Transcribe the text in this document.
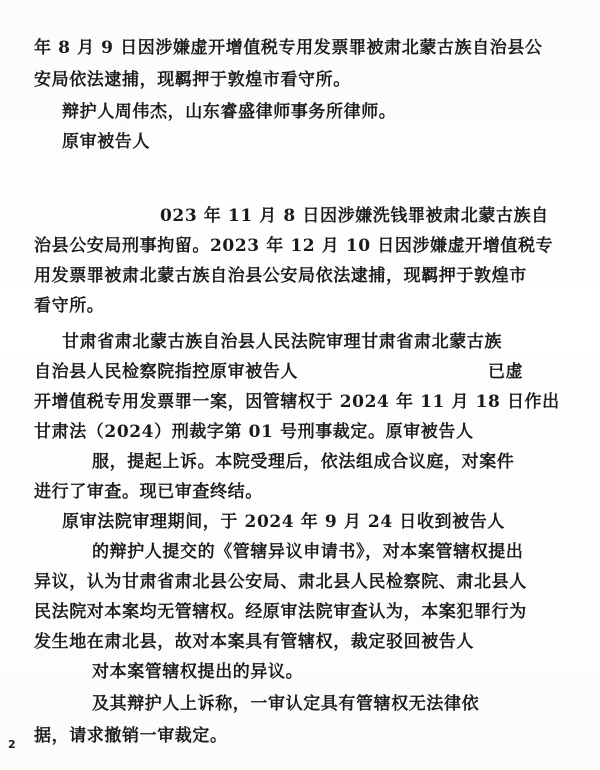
年 8 月 9 日因涉嫌虚开增值税专用发票罪被肃北蒙古族自治县公
安局依法逮捕，现羁押于敦煌市看守所。
辩护人周伟杰，山东睿盛律师事务所律师。
原审被告人
023 年 11 月 8 日因涉嫌洗钱罪被肃北蒙古族自
治县公安局刑事拘留。2023 年 12 月 10 日因涉嫌虚开增值税专
用发票罪被肃北蒙古族自治县公安局依法逮捕，现羁押于敦煌市
看守所。
甘肃省肃北蒙古族自治县人民法院审理甘肃省肃北蒙古族
自治县人民检察院指控原审被告人	已虚
开增值税专用发票罪一案，因管辖权于 2024 年 11 月 18 日作出
甘肃法（2024）刑裁字第 01 号刑事裁定。原审被告人
服，提起上诉。本院受理后，依法组成合议庭，对案件
进行了审查。现已审查终结。
原审法院审理期间，于 2024 年 9 月 24 日收到被告人
的辩护人提交的《管辖异议申请书》，对本案管辖权提出
异议，认为甘肃省肃北县公安局、肃北县人民检察院、肃北县人
民法院对本案均无管辖权。经原审法院审查认为，本案犯罪行为
发生地在肃北县，故对本案具有管辖权，裁定驳回被告人
对本案管辖权提出的异议。
2
及其辩护人上诉称，一审认定具有管辖权无法律依
据，请求撤销一审裁定。
